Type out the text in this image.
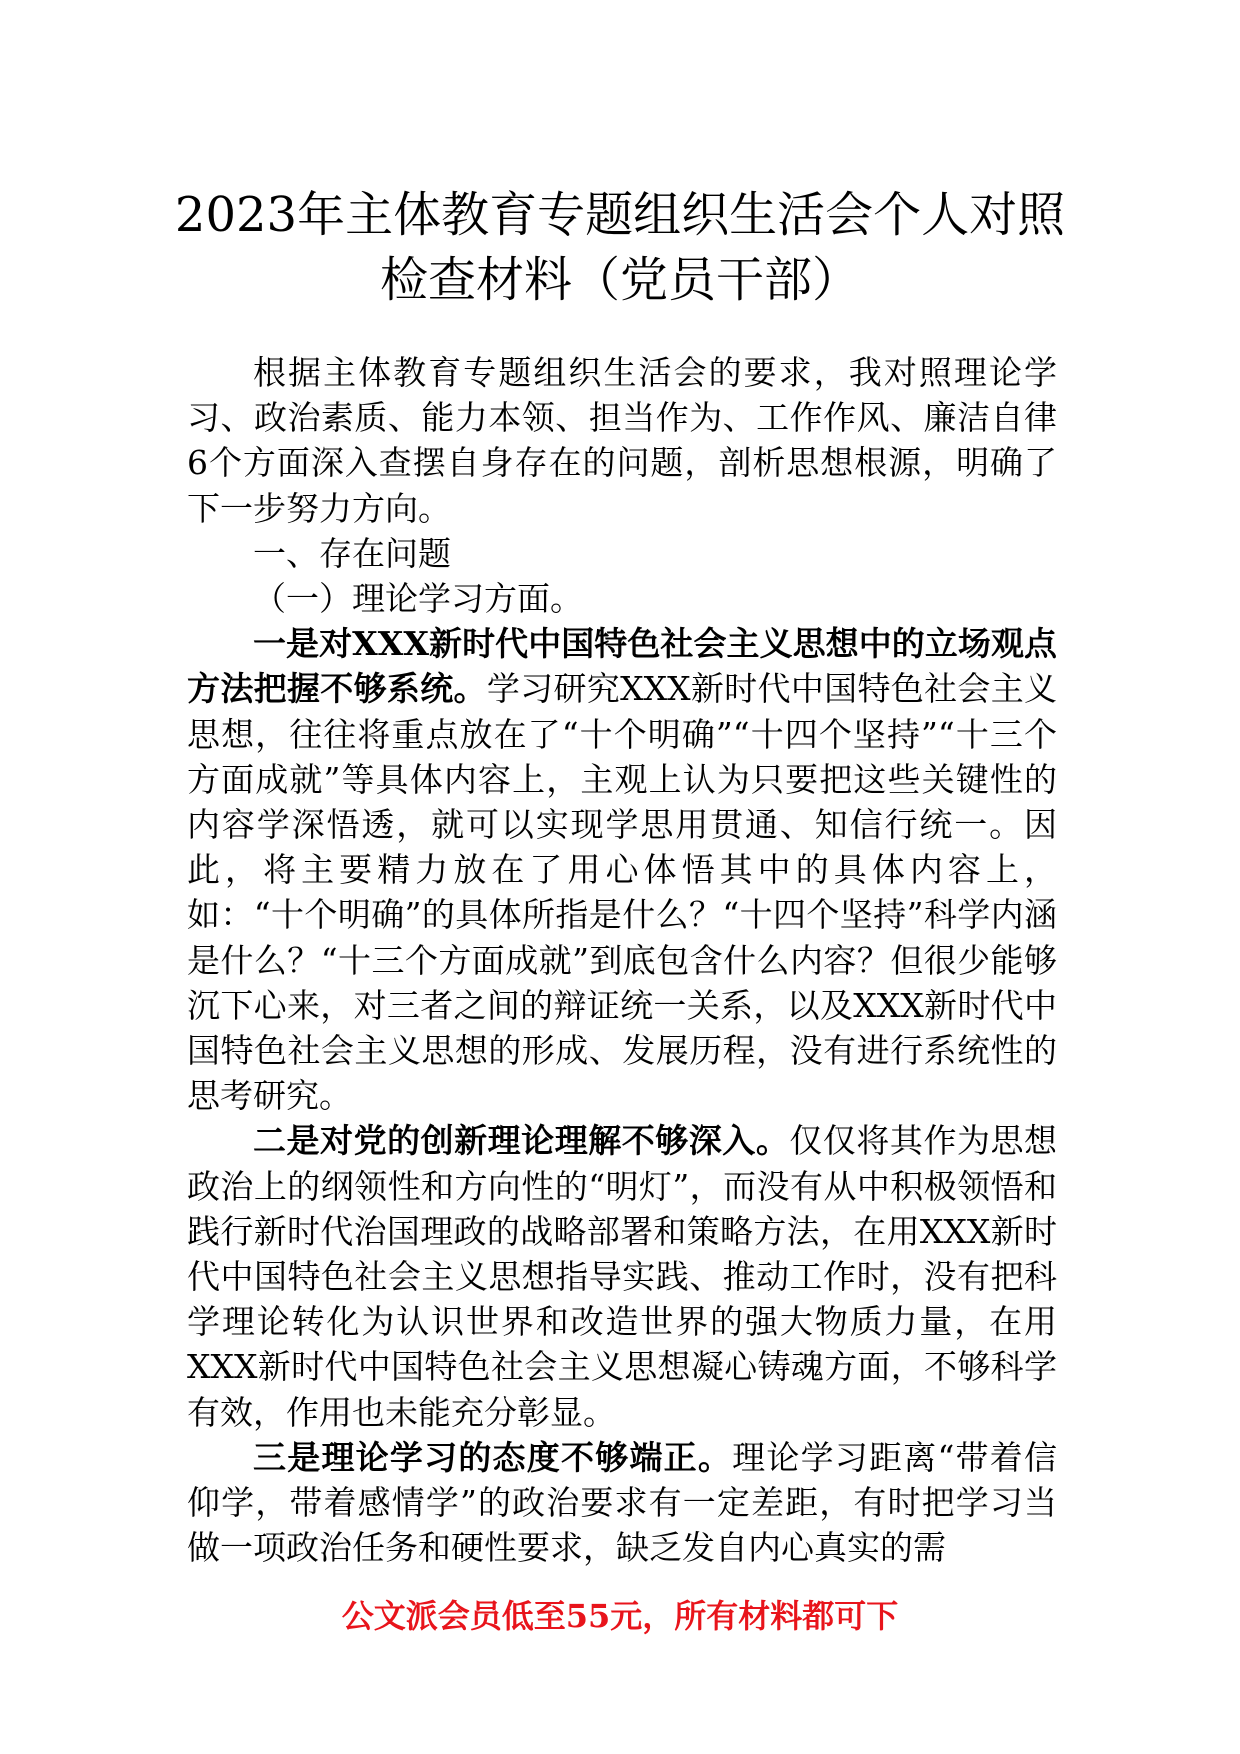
2023年主体教育专题组织生活会个人对照
检查材料（党员干部）

根据主体教育专题组织生活会的要求，我对照理论学习、政治素质、能力本领、担当作为、工作作风、廉洁自律6个方面深入查摆自身存在的问题，剖析思想根源，明确了下一步努力方向。

一、存在问题

（一）理论学习方面。

一是对XXX新时代中国特色社会主义思想中的立场观点方法把握不够系统。学习研究XXX新时代中国特色社会主义思想，往往将重点放在了“十个明确”“十四个坚持”“十三个方面成就”等具体内容上，主观上认为只要把这些关键性的内容学深悟透，就可以实现学思用贯通、知信行统一。因此，将主要精力放在了用心体悟其中的具体内容上，如：“十个明确”的具体所指是什么？“十四个坚持”科学内涵是什么？“十三个方面成就”到底包含什么内容？但很少能够沉下心来，对三者之间的辩证统一关系，以及XXX新时代中国特色社会主义思想的形成、发展历程，没有进行系统性的思考研究。

二是对党的创新理论理解不够深入。仅仅将其作为思想政治上的纲领性和方向性的“明灯”，而没有从中积极领悟和践行新时代治国理政的战略部署和策略方法，在用XXX新时代中国特色社会主义思想指导实践、推动工作时，没有把科学理论转化为认识世界和改造世界的强大物质力量，在用XXX新时代中国特色社会主义思想凝心铸魂方面，不够科学有效，作用也未能充分彰显。

三是理论学习的态度不够端正。理论学习距离“带着信仰学，带着感情学”的政治要求有一定差距，有时把学习当做一项政治任务和硬性要求，缺乏发自内心真实的需

公文派会员低至55元，所有材料都可下
